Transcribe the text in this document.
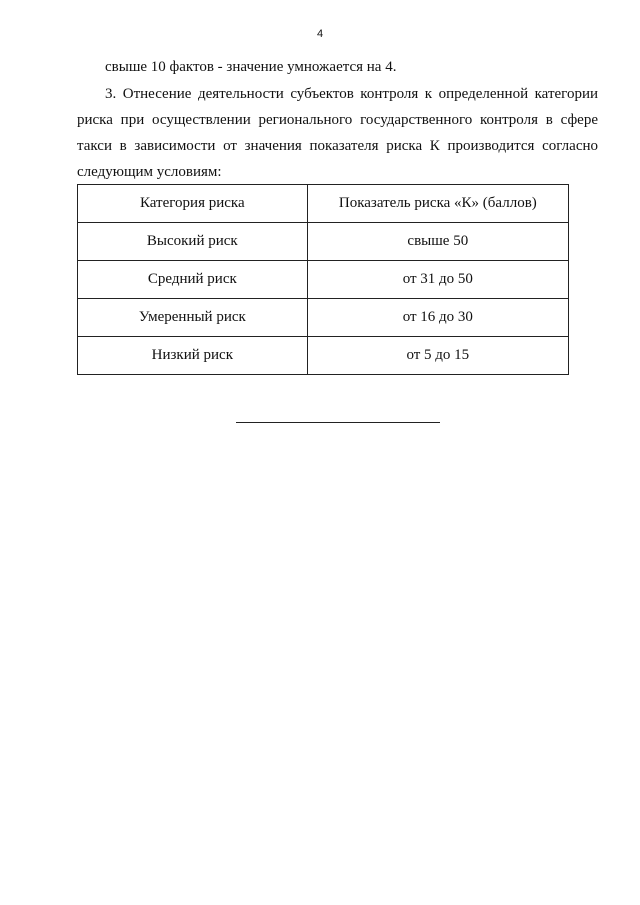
4

свыше 10 фактов - значение умножается на 4.

3. Отнесение деятельности субъектов контроля к определенной категории риска при осуществлении регионального государственного контроля в сфере такси в зависимости от значения показателя риска К производится согласно следующим условиям:

Категория риска	Показатель риска «К» (баллов)
Высокий риск	свыше 50
Средний риск	от 31 до 50
Умеренный риск	от 16 до 30
Низкий риск	от 5 до 15
